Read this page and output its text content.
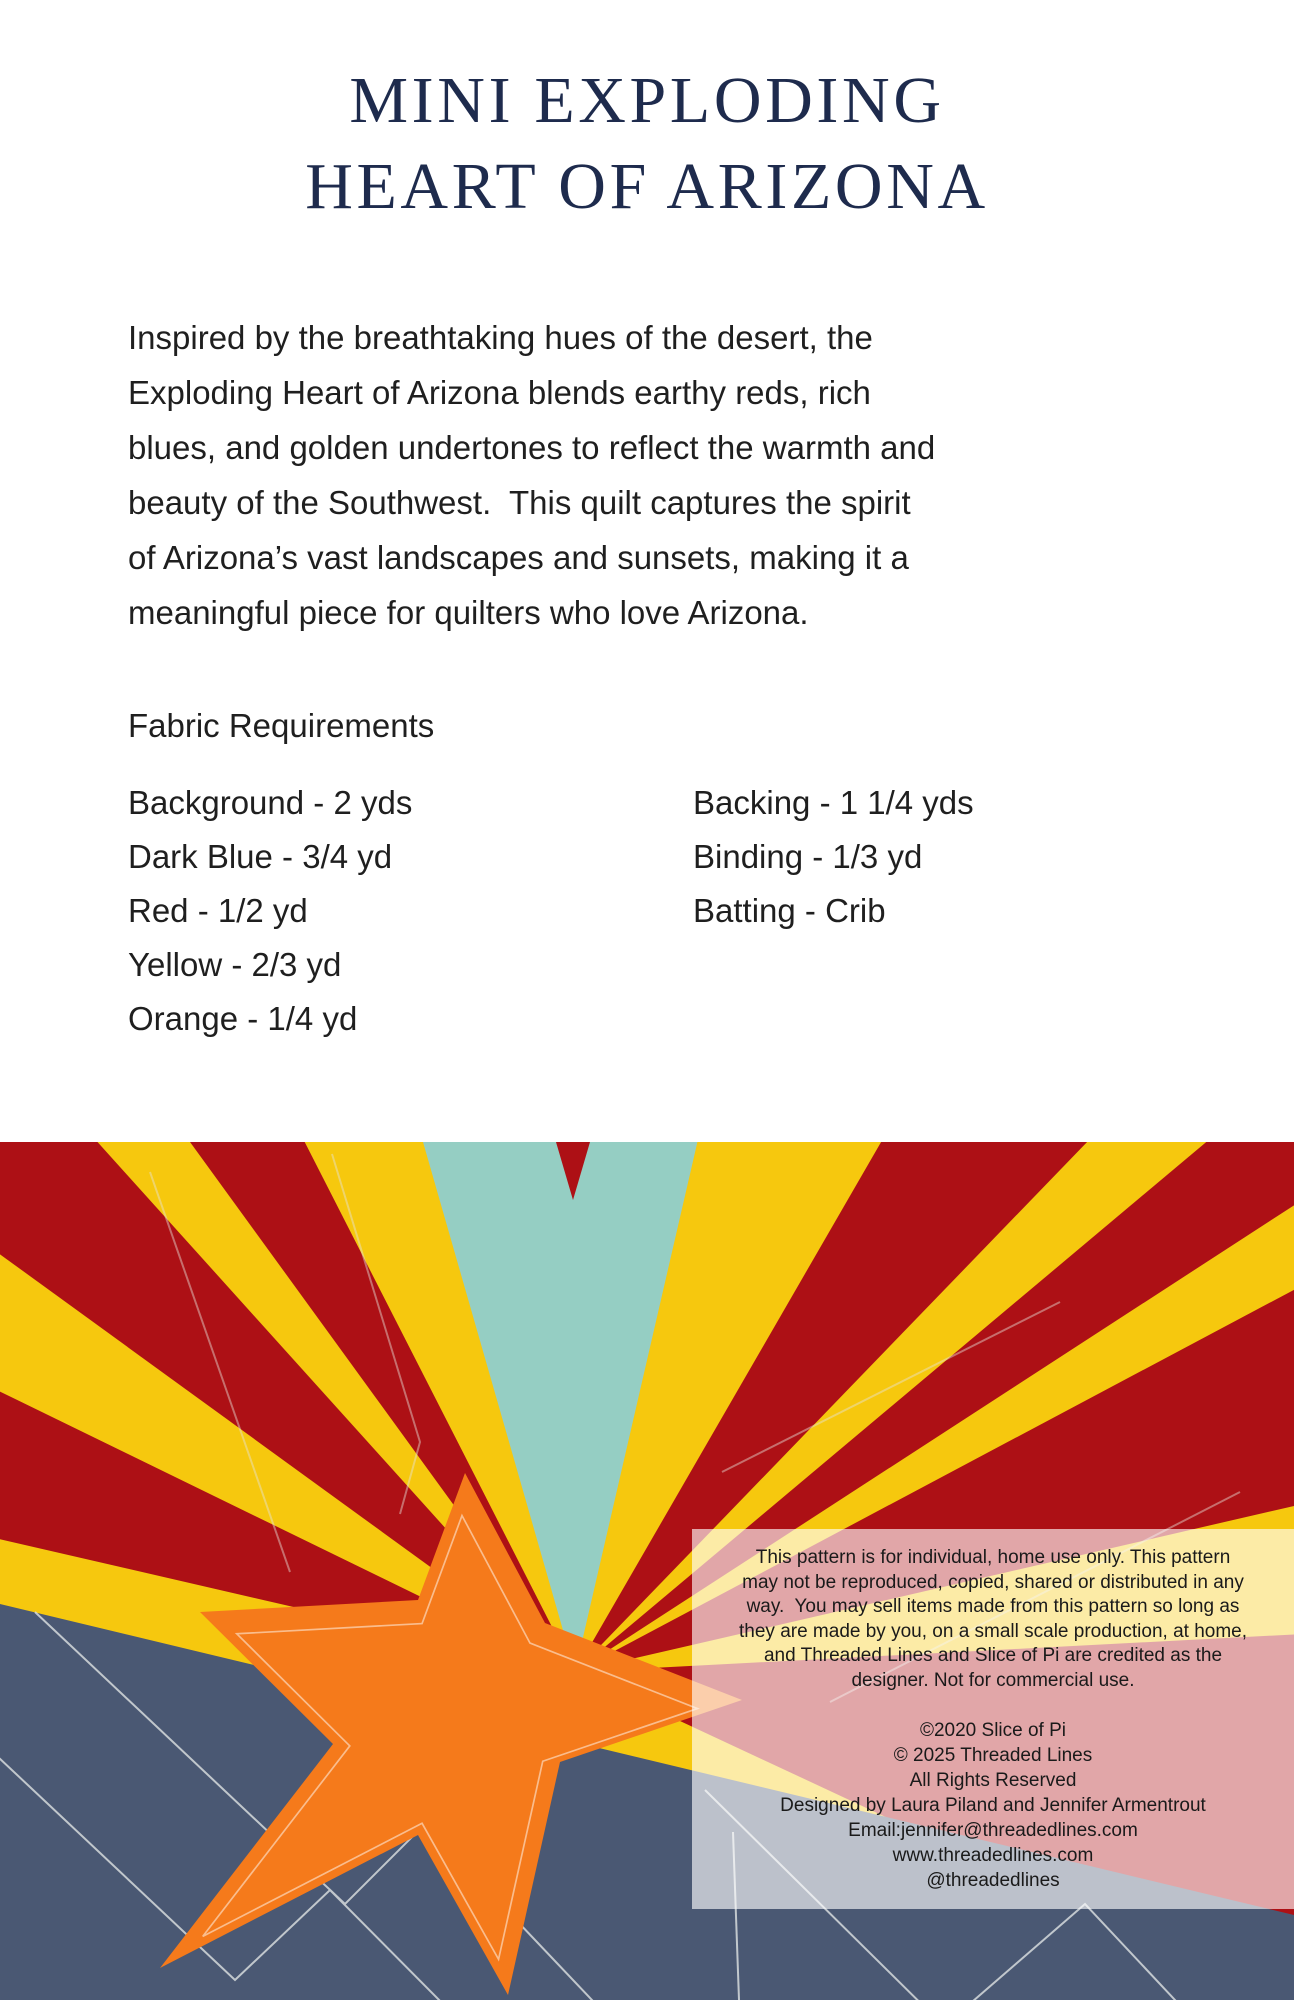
MINI EXPLODING
HEART OF ARIZONA
Inspired by the breathtaking hues of the desert, the
Exploding Heart of Arizona blends earthy reds, rich
blues, and golden undertones to reflect the warmth and
beauty of the Southwest.  This quilt captures the spirit
of Arizona’s vast landscapes and sunsets, making it a
meaningful piece for quilters who love Arizona.
Fabric Requirements
Background - 2 yds
Dark Blue - 3/4 yd
Red - 1/2 yd
Yellow - 2/3 yd
Orange - 1/4 yd
Backing - 1 1/4 yds
Binding - 1/3 yd
Batting - Crib
This pattern is for individual, home use only. This pattern
may not be reproduced, copied, shared or distributed in any
way.  You may sell items made from this pattern so long as
they are made by you, on a small scale production, at home,
and Threaded Lines and Slice of Pi are credited as the
designer. Not for commercial use.
©2020 Slice of Pi
© 2025 Threaded Lines
All Rights Reserved
Designed by Laura Piland and Jennifer Armentrout
Email:jennifer@threadedlines.com
www.threadedlines.com
@threadedlines
